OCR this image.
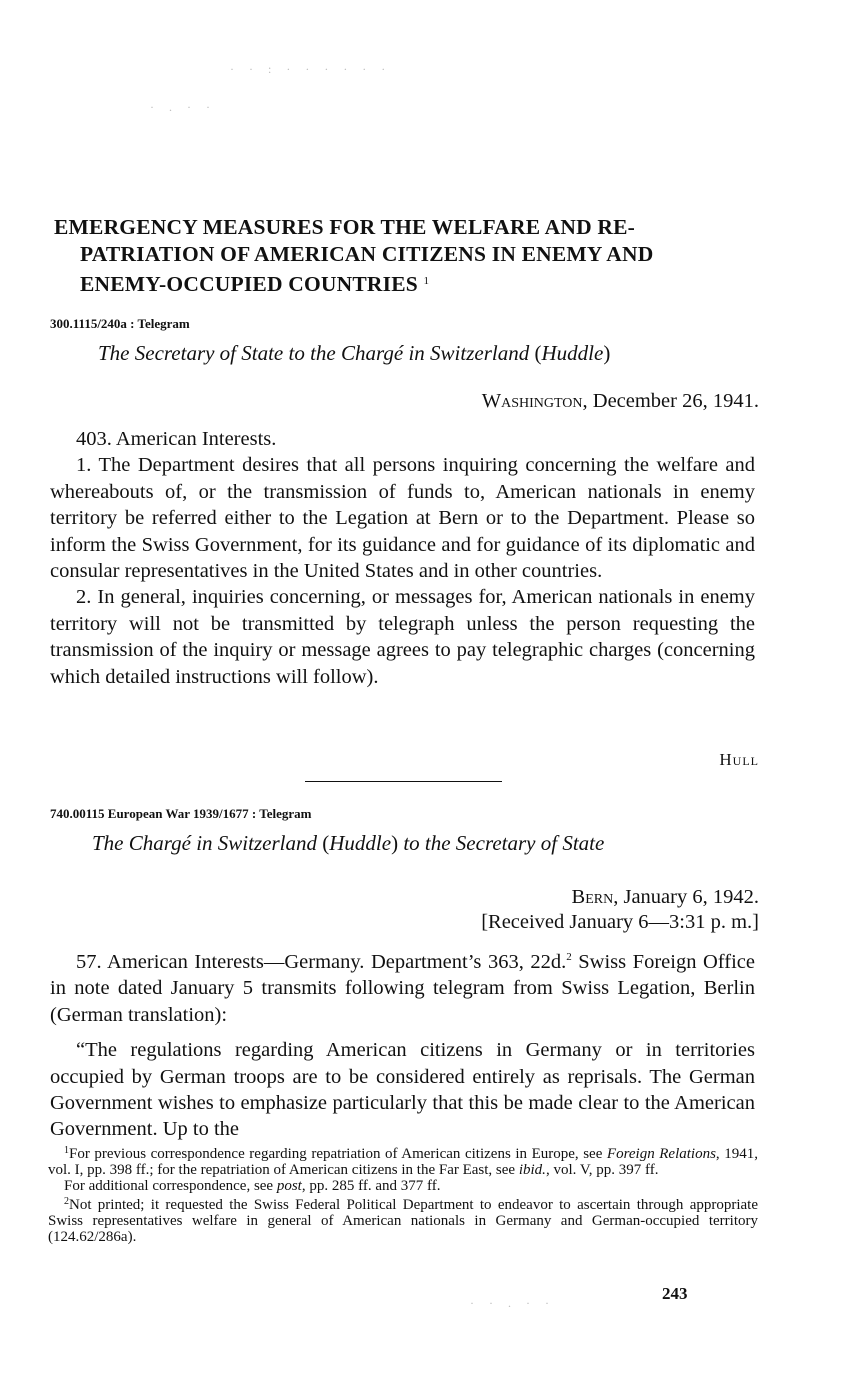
· · : · · · · · ·
· . · ·
· · . · ·
EMERGENCY MEASURES FOR THE WELFARE AND RE-
PATRIATION OF AMERICAN CITIZENS IN ENEMY AND
ENEMY-OCCUPIED COUNTRIES $^1$
300.1115/240a : Telegram
The Secretary of State to the Chargé in Switzerland (Huddle)
Washington, December 26, 1941.

403. American Interests.

1. The Department desires that all persons inquiring concerning the welfare and whereabouts of, or the transmission of funds to, American nationals in enemy territory be referred either to the Legation at Bern or to the Department. Please so inform the Swiss Government, for its guidance and for guidance of its diplomatic and consular representatives in the United States and in other countries.

2. In general, inquiries concerning, or messages for, American nationals in enemy territory will not be transmitted by telegraph unless the person requesting the transmission of the inquiry or message agrees to pay telegraphic charges (concerning which detailed instructions will follow).

Hull
740.00115 European War 1939/1677 : Telegram
The Chargé in Switzerland (Huddle) to the Secretary of State
Bern, January 6, 1942.
[Received January 6—3:31 p. m.]

57. American Interests—Germany. Department’s 363, 22d.$^2$ Swiss Foreign Office in note dated January 5 transmits following telegram from Swiss Legation, Berlin (German translation):

“The regulations regarding American citizens in Germany or in territories occupied by German troops are to be considered entirely as reprisals. The German Government wishes to emphasize particularly that this be made clear to the American Government. Up to the

$^1$For previous correspondence regarding repatriation of American citizens in Europe, see Foreign Relations, 1941, vol. I, pp. 398 ff.; for the repatriation of American citizens in the Far East, see ibid., vol. V, pp. 397 ff.

For additional correspondence, see post, pp. 285 ff. and 377 ff.

$^2$Not printed; it requested the Swiss Federal Political Department to endeavor to ascertain through appropriate Swiss representatives welfare in general of American nationals in Germany and German-occupied territory (124.62/286a).

243
